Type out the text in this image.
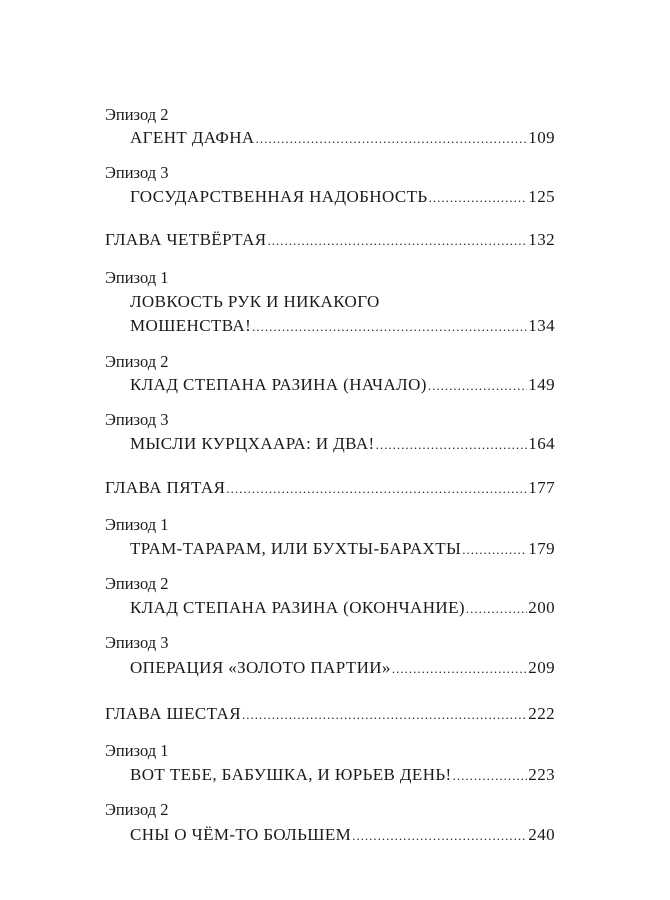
Эпизод 2
АГЕНТ ДАФНА .....	109
Эпизод 3
ГОСУДАРСТВЕННАЯ НАДОБНОСТЬ .....	125
ГЛАВА ЧЕТВЁРТАЯ .....	132
Эпизод 1
ЛОВКОСТЬ РУК И НИКАКОГО
МОШЕНСТВА! .....	134
Эпизод 2
КЛАД СТЕПАНА РАЗИНА (НАЧАЛО) .....	149
Эпизод 3
МЫСЛИ КУРЦХААРА: И ДВА! .....	164
ГЛАВА ПЯТАЯ .....	177
Эпизод 1
ТРАМ-ТАРАРАМ, ИЛИ БУХТЫ-БАРАХТЫ .....	179
Эпизод 2
КЛАД СТЕПАНА РАЗИНА (ОКОНЧАНИЕ) .....	200
Эпизод 3
ОПЕРАЦИЯ «ЗОЛОТО ПАРТИИ» .....	209
ГЛАВА ШЕСТАЯ .....	222
Эпизод 1
ВОТ ТЕБЕ, БАБУШКА, И ЮРЬЕВ ДЕНЬ! .....	223
Эпизод 2
СНЫ О ЧЁМ-ТО БОЛЬШЕМ .....	240
